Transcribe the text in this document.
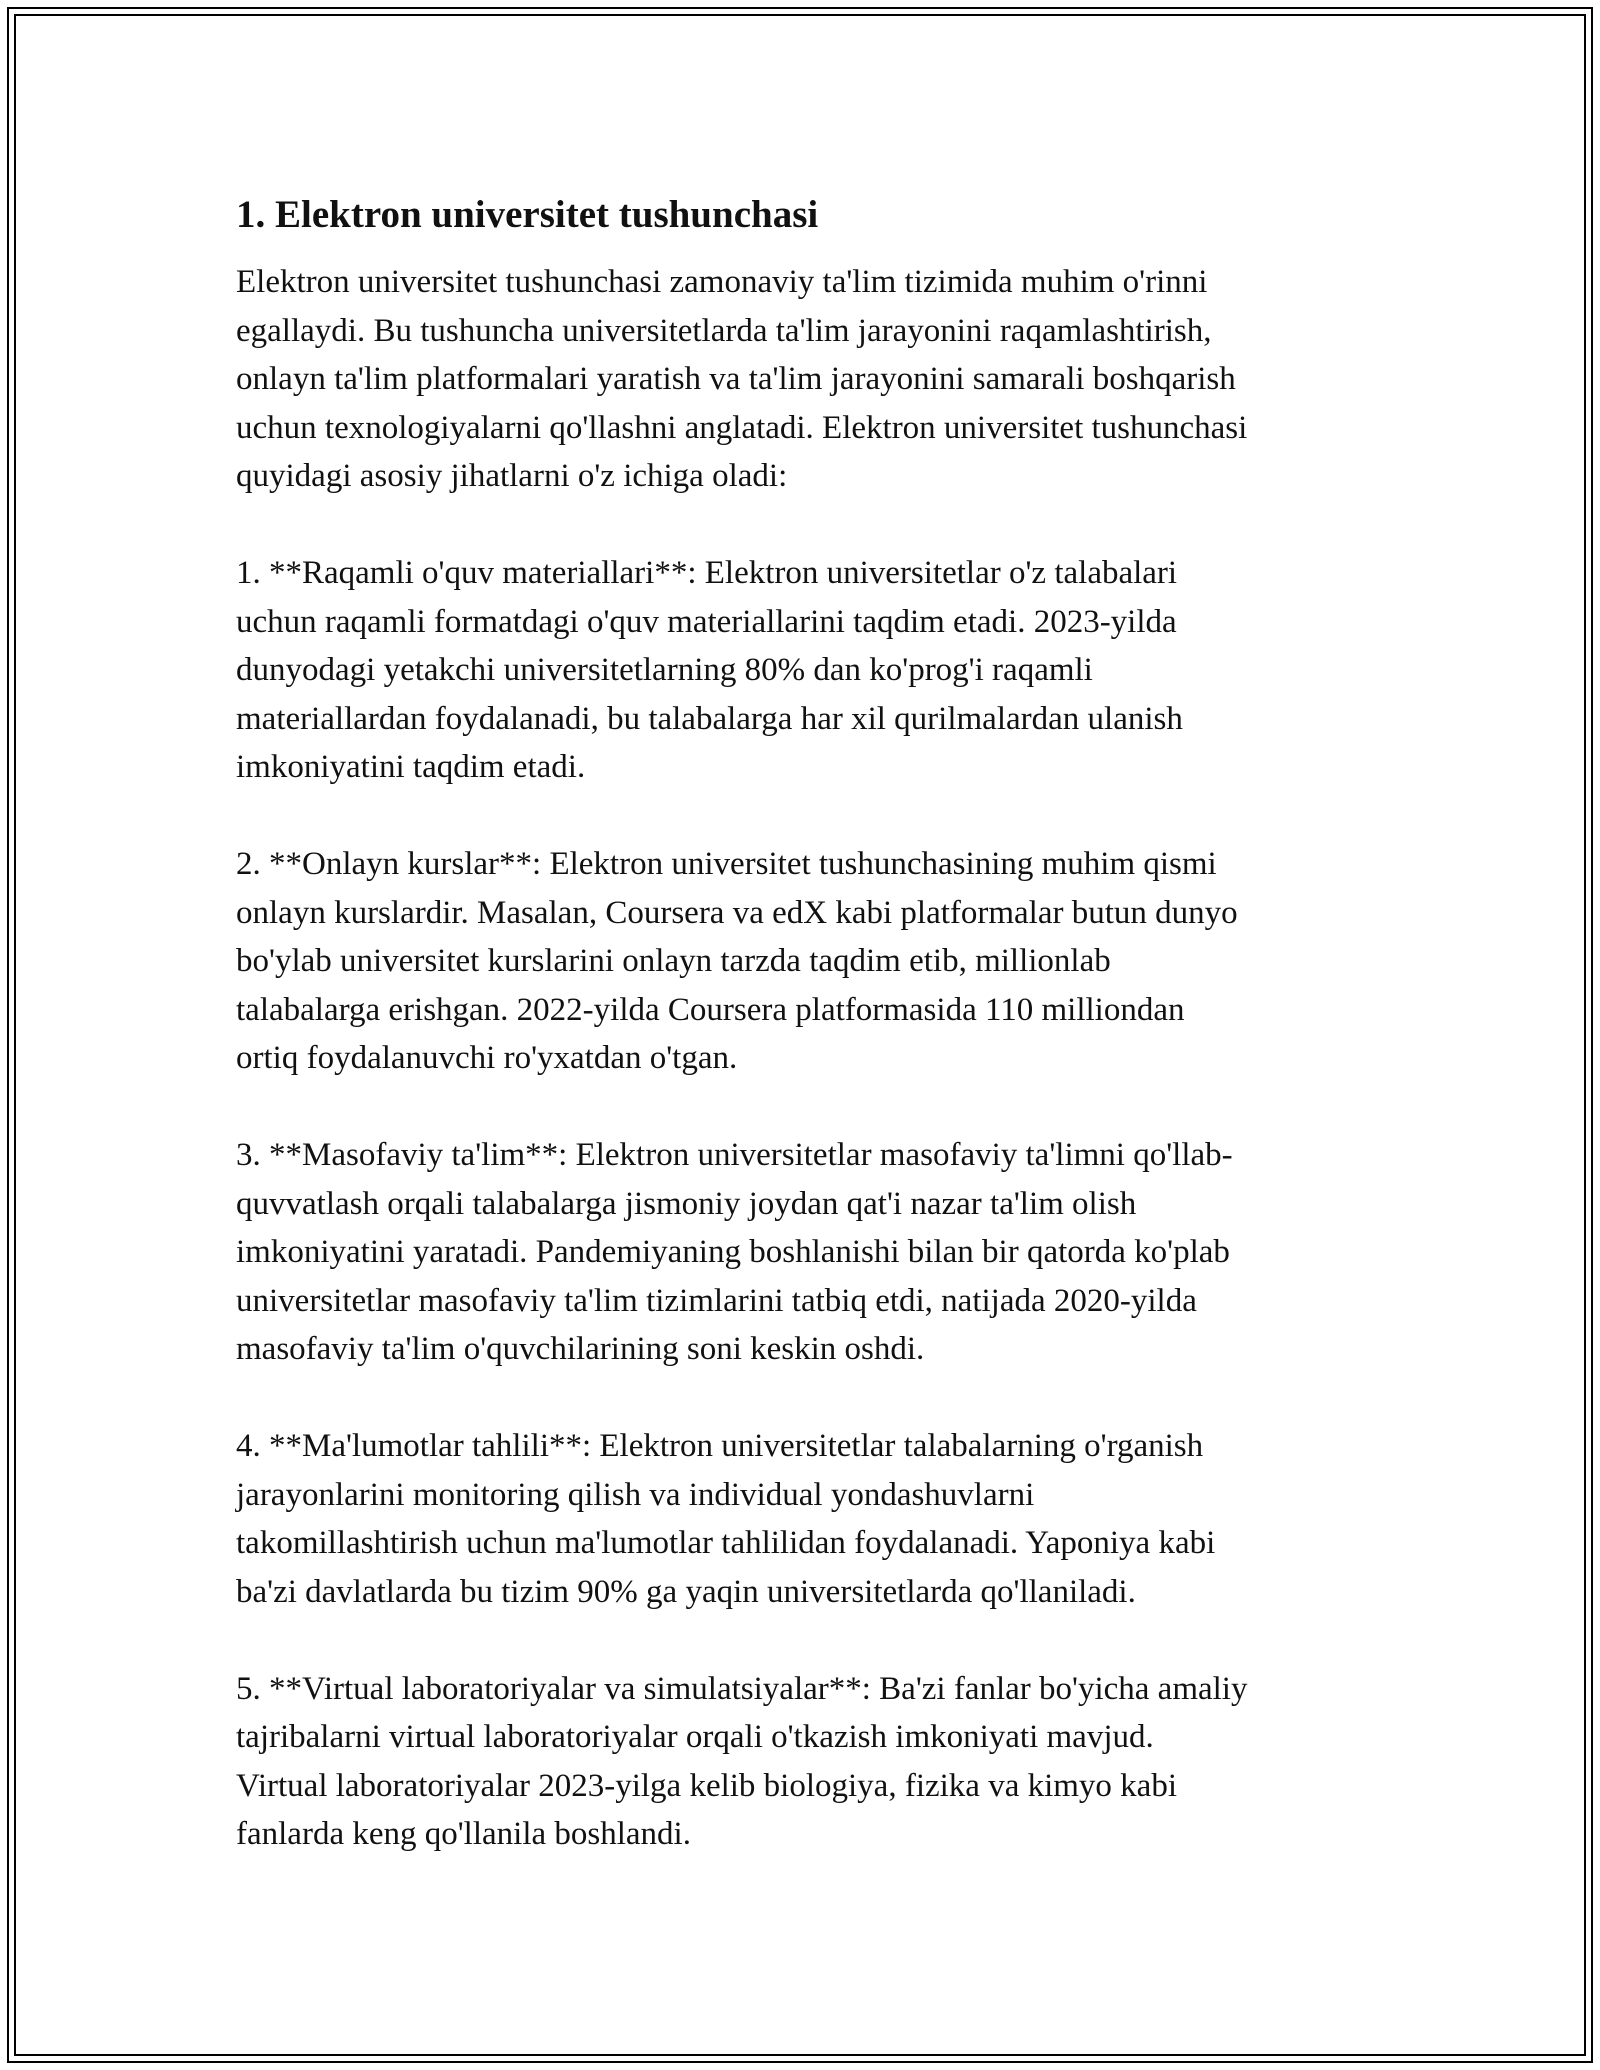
1. Elektron universitet tushunchasi

Elektron universitet tushunchasi zamonaviy ta'lim tizimida muhim o'rinni
egallaydi. Bu tushuncha universitetlarda ta'lim jarayonini raqamlashtirish,
onlayn ta'lim platformalari yaratish va ta'lim jarayonini samarali boshqarish
uchun texnologiyalarni qo'llashni anglatadi. Elektron universitet tushunchasi
quyidagi asosiy jihatlarni o'z ichiga oladi:

1. **Raqamli o'quv materiallari**: Elektron universitetlar o'z talabalari
uchun raqamli formatdagi o'quv materiallarini taqdim etadi. 2023-yilda
dunyodagi yetakchi universitetlarning 80% dan ko'prog'i raqamli
materiallardan foydalanadi, bu talabalarga har xil qurilmalardan ulanish
imkoniyatini taqdim etadi.

2. **Onlayn kurslar**: Elektron universitet tushunchasining muhim qismi
onlayn kurslardir. Masalan, Coursera va edX kabi platformalar butun dunyo
bo'ylab universitet kurslarini onlayn tarzda taqdim etib, millionlab
talabalarga erishgan. 2022-yilda Coursera platformasida 110 milliondan
ortiq foydalanuvchi ro'yxatdan o'tgan.

3. **Masofaviy ta'lim**: Elektron universitetlar masofaviy ta'limni qo'llab-
quvvatlash orqali talabalarga jismoniy joydan qat'i nazar ta'lim olish
imkoniyatini yaratadi. Pandemiyaning boshlanishi bilan bir qatorda ko'plab
universitetlar masofaviy ta'lim tizimlarini tatbiq etdi, natijada 2020-yilda
masofaviy ta'lim o'quvchilarining soni keskin oshdi.

4. **Ma'lumotlar tahlili**: Elektron universitetlar talabalarning o'rganish
jarayonlarini monitoring qilish va individual yondashuvlarni
takomillashtirish uchun ma'lumotlar tahlilidan foydalanadi. Yaponiya kabi
ba'zi davlatlarda bu tizim 90% ga yaqin universitetlarda qo'llaniladi.

5. **Virtual laboratoriyalar va simulatsiyalar**: Ba'zi fanlar bo'yicha amaliy
tajribalarni virtual laboratoriyalar orqali o'tkazish imkoniyati mavjud.
Virtual laboratoriyalar 2023-yilga kelib biologiya, fizika va kimyo kabi
fanlarda keng qo'llanila boshlandi.
